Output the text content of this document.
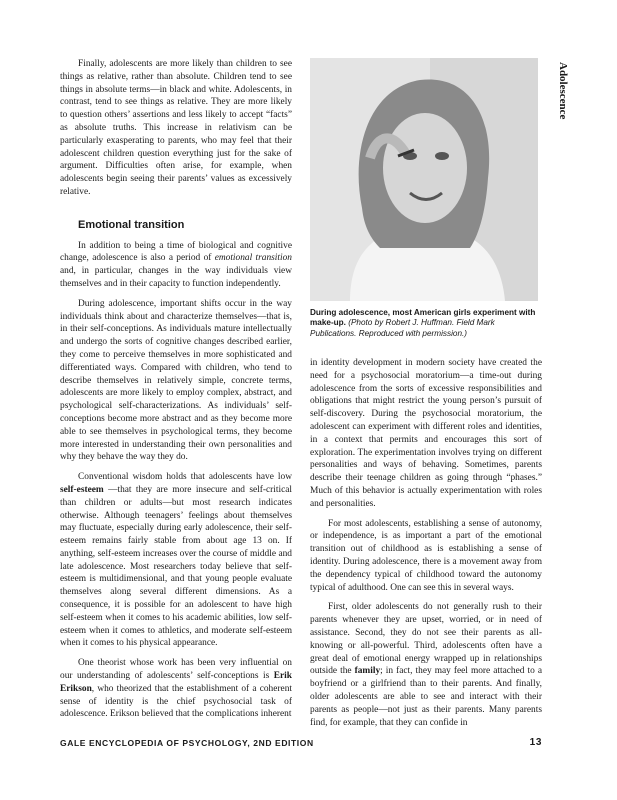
Adolescence

Finally, adolescents are more likely than children to see things as relative, rather than absolute. Children tend to see things in absolute terms—in black and white. Adolescents, in contrast, tend to see things as relative. They are more likely to question others’ assertions and less likely to accept “facts” as absolute truths. This increase in relativism can be particularly exasperating to parents, who may feel that their adolescent children question everything just for the sake of argument. Difficulties often arise, for example, when adolescents begin seeing their parents’ values as excessively relative.

Emotional transition

In addition to being a time of biological and cognitive change, adolescence is also a period of emotional transition and, in particular, changes in the way individuals view themselves and in their capacity to function independently.

During adolescence, important shifts occur in the way individuals think about and characterize themselves—that is, in their self-conceptions. As individuals mature intellectually and undergo the sorts of cognitive changes described earlier, they come to perceive themselves in more sophisticated and differentiated ways. Compared with children, who tend to describe themselves in relatively simple, concrete terms, adolescents are more likely to employ complex, abstract, and psychological self-characterizations. As individuals’ self-conceptions become more abstract and as they become more able to see themselves in psychological terms, they become more interested in understanding their own personalities and why they behave the way they do.

Conventional wisdom holds that adolescents have low self-esteem —that they are more insecure and self-critical than children or adults—but most research indicates otherwise. Although teenagers’ feelings about themselves may fluctuate, especially during early adolescence, their self-esteem remains fairly stable from about age 13 on. If anything, self-esteem increases over the course of middle and late adolescence. Most researchers today believe that self-esteem is multidimensional, and that young people evaluate themselves along several different dimensions. As a consequence, it is possible for an adolescent to have high self-esteem when it comes to his academic abilities, low self-esteem when it comes to athletics, and moderate self-esteem when it comes to his physical appearance.

One theorist whose work has been very influential on our understanding of adolescents’ self-conceptions is Erik Erikson, who theorized that the establishment of a coherent sense of identity is the chief psychosocial task of adolescence. Erikson believed that the complications inherent

During adolescence, most American girls experiment with make-up. (Photo by Robert J. Huffman. Field Mark Publications. Reproduced with permission.)

in identity development in modern society have created the need for a psychosocial moratorium—a time-out during adolescence from the sorts of excessive responsibilities and obligations that might restrict the young person’s pursuit of self-discovery. During the psychosocial moratorium, the adolescent can experiment with different roles and identities, in a context that permits and encourages this sort of exploration. The experimentation involves trying on different personalities and ways of behaving. Sometimes, parents describe their teenage children as going through “phases.” Much of this behavior is actually experimentation with roles and personalities.

For most adolescents, establishing a sense of autonomy, or independence, is as important a part of the emotional transition out of childhood as is establishing a sense of identity. During adolescence, there is a movement away from the dependency typical of childhood toward the autonomy typical of adulthood. One can see this in several ways.

First, older adolescents do not generally rush to their parents whenever they are upset, worried, or in need of assistance. Second, they do not see their parents as all-knowing or all-powerful. Third, adolescents often have a great deal of emotional energy wrapped up in relationships outside the family; in fact, they may feel more attached to a boyfriend or a girlfriend than to their parents. And finally, older adolescents are able to see and interact with their parents as people—not just as their parents. Many parents find, for example, that they can confide in

GALE ENCYCLOPEDIA OF PSYCHOLOGY, 2ND EDITION	13
